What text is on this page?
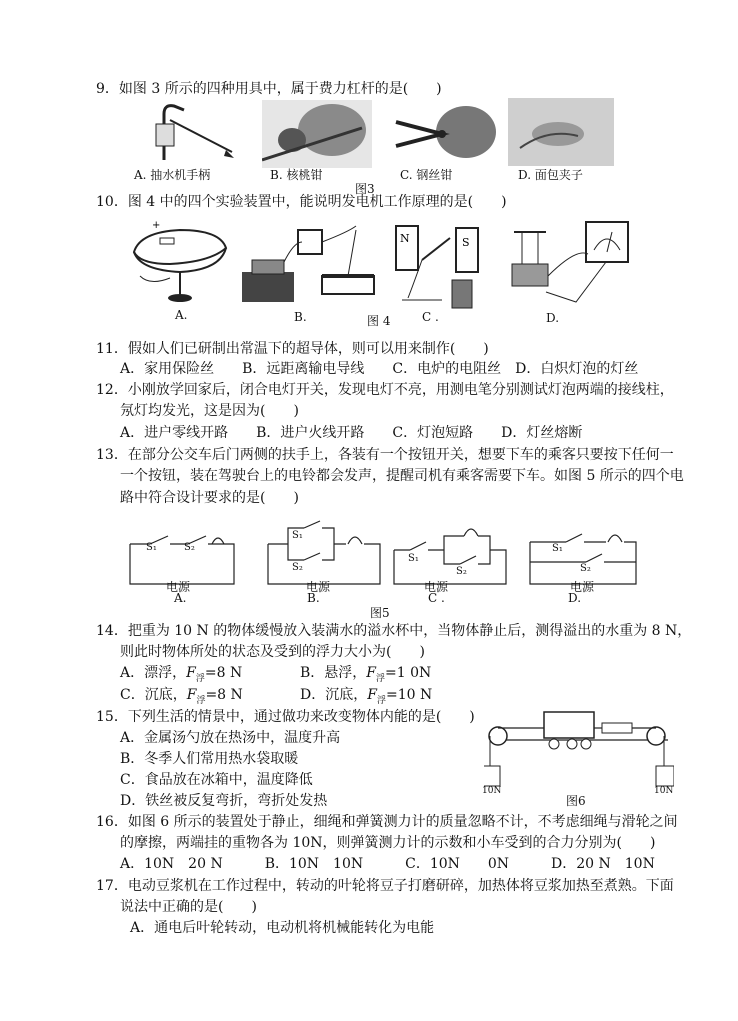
9．如图 3 所示的四种用具中，属于费力杠杆的是(　　)
A. 抽水机手柄	B. 核桃钳	C. 钢丝钳	D. 面包夹子
图3
10．图 4 中的四个实验装置中，能说明发电机工作原理的是(　　)
+
N	S
A.	B.	C .	D.
图 4
11．假如人们已研制出常温下的超导体，则可以用来制作(　　)
A．家用保险丝　　B．远距离输电导线　　C．电炉的电阻丝　D．白炽灯泡的灯丝
12．小刚放学回家后，闭合电灯开关，发现电灯不亮，用测电笔分别测试灯泡两端的接线柱，
氖灯均发光，这是因为(　　)
A．进户零线开路　　B．进户火线开路　　C．灯泡短路　　D．灯丝熔断
13．在部分公交车后门两侧的扶手上，各装有一个按钮开关，想要下车的乘客只要按下任何一
一个按钮，装在驾驶台上的电铃都会发声，提醒司机有乘客需要下车。如图 5 所示的四个电
路中符合设计要求的是(　　)
S₁	S₂
电源
A.
S₁
S₂
电源
B.
S₁
S₂
电源
C .
S₁
S₂
电源
D.
图5
14．把重为 10 N 的物体缓慢放入装满水的溢水杯中，当物体静止后，测得溢出的水重为 8 N，
则此时物体所处的状态及受到的浮力大小为(　　)
A．漂浮，$F_浮=8$ N	B．悬浮，$F_浮=1$ 0N
C．沉底，$F_浮=8$ N	D．沉底，$F_浮=10$ N
15．下列生活的情景中，通过做功来改变物体内能的是(　　)
A．金属汤勺放在热汤中，温度升高
B．冬季人们常用热水袋取暖
C．食品放在冰箱中，温度降低
D．铁丝被反复弯折，弯折处发热
10N	10N
图6
16．如图 6 所示的装置处于静止，细绳和弹簧测力计的质量忽略不计，不考虑细绳与滑轮之间
的摩擦，两端挂的重物各为 10N，则弹簧测力计的示数和小车受到的合力分别为(　　)
A．10N　20 N　　　B．10N　10N　　　C．10N　　0N　　　D．20 N　10N
17．电动豆浆机在工作过程中，转动的叶轮将豆子打磨研碎，加热体将豆浆加热至煮熟。下面
说法中正确的是(　　)
A．通电后叶轮转动，电动机将机械能转化为电能
